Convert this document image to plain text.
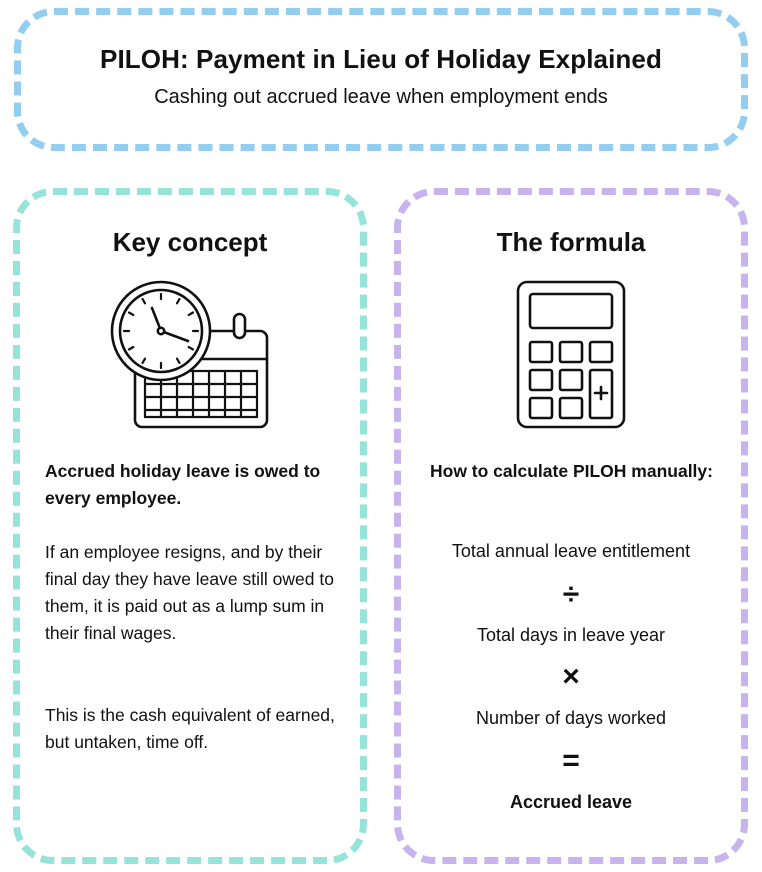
PILOH: Payment in Lieu of Holiday Explained
Cashing out accrued leave when employment ends
Key concept	The formula

Accrued holiday leave is owed to every employee.

If an employee resigns, and by their final day they have leave still owed to them, it is paid out as a lump sum in their final wages.

This is the cash equivalent of earned, but untaken, time off.

How to calculate PILOH manually:

Total annual leave entitlement
÷
Total days in leave year
×
Number of days worked
=
Accrued leave
